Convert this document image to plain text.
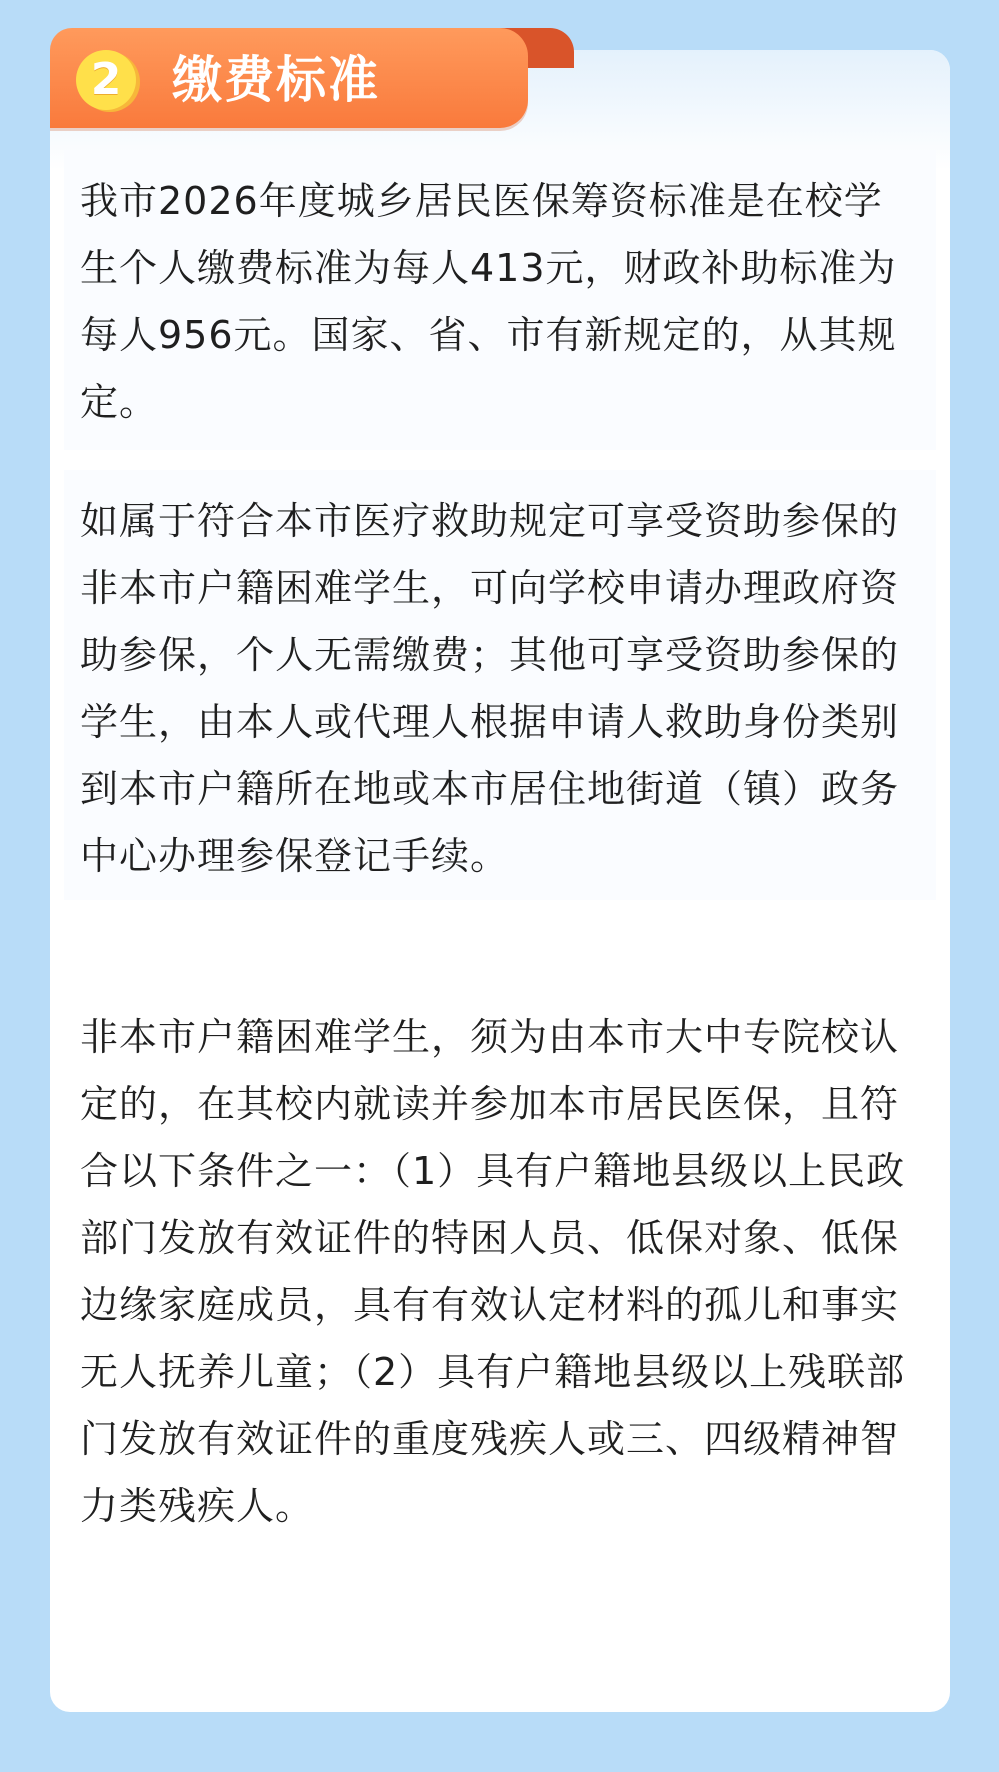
2 缴费标准

我市2026年度城乡居民医保筹资标准是在校学生个人缴费标准为每人413元，财政补助标准为每人956元。国家、省、市有新规定的，从其规定。

如属于符合本市医疗救助规定可享受资助参保的非本市户籍困难学生，可向学校申请办理政府资助参保，个人无需缴费；其他可享受资助参保的学生，由本人或代理人根据申请人救助身份类别到本市户籍所在地或本市居住地街道（镇）政务中心办理参保登记手续。

非本市户籍困难学生，须为由本市大中专院校认定的，在其校内就读并参加本市居民医保，且符合以下条件之一：（1）具有户籍地县级以上民政部门发放有效证件的特困人员、低保对象、低保边缘家庭成员，具有有效认定材料的孤儿和事实无人抚养儿童；（2）具有户籍地县级以上残联部门发放有效证件的重度残疾人或三、四级精神智力类残疾人。
